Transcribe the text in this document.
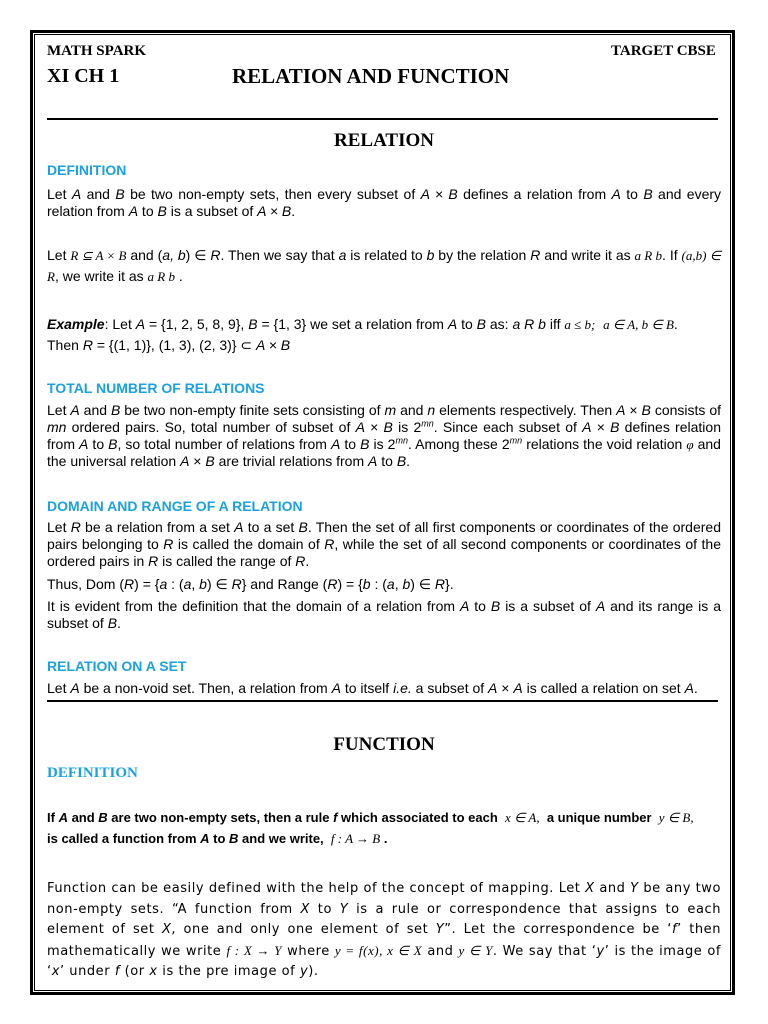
MATH SPARK	TARGET CBSE
XI CH 1	RELATION AND FUNCTION
RELATION
DEFINITION
Let A and B be two non-empty sets, then every subset of A × B defines a relation from A to B and every relation from A to B is a subset of A × B.
Let R ⊆ A × B and (a, b) ∈ R. Then we say that a is related to b by the relation R and write it as a R b. If (a,b) ∈ R, we write it as a R b .
Example: Let A = {1, 2, 5, 8, 9}, B = {1, 3} we set a relation from A to B as: a R b iff a ≤ b; a ∈ A, b ∈ B.
Then R = {(1, 1)}, (1, 3), (2, 3)} ⊂ A × B
TOTAL NUMBER OF RELATIONS
Let A and B be two non-empty finite sets consisting of m and n elements respectively. Then A × B consists of mn ordered pairs. So, total number of subset of A × B is $2^{mn}$. Since each subset of A × B defines relation from A to B, so total number of relations from A to B is $2^{mn}$. Among these $2^{mn}$ relations the void relation φ and the universal relation A × B are trivial relations from A to B.
DOMAIN AND RANGE OF A RELATION
Let R be a relation from a set A to a set B. Then the set of all first components or coordinates of the ordered pairs belonging to R is called the domain of R, while the set of all second components or coordinates of the ordered pairs in R is called the range of R.
Thus, Dom (R) = {a : (a, b) ∈ R} and Range (R) = {b : (a, b) ∈ R}.
It is evident from the definition that the domain of a relation from A to B is a subset of A and its range is a subset of B.
RELATION ON A SET
Let A be a non-void set. Then, a relation from A to itself i.e. a subset of A × A is called a relation on set A.
FUNCTION
DEFINITION
If A and B are two non-empty sets, then a rule f which associated to each  x ∈ A,  a unique number  y ∈ B,
is called a function from A to B and we write,  f : A → B .
Function can be easily defined with the help of the concept of mapping. Let X and Y be any two non-empty sets. “A function from X to Y is a rule or correspondence that assigns to each element of set X, one and only one element of set Y”. Let the correspondence be ‘f’ then mathematically we write f : X → Y where y = f(x), x ∈ X and y ∈ Y. We say that ‘y’ is the image of ‘x’ under f (or x is the pre image of y).
